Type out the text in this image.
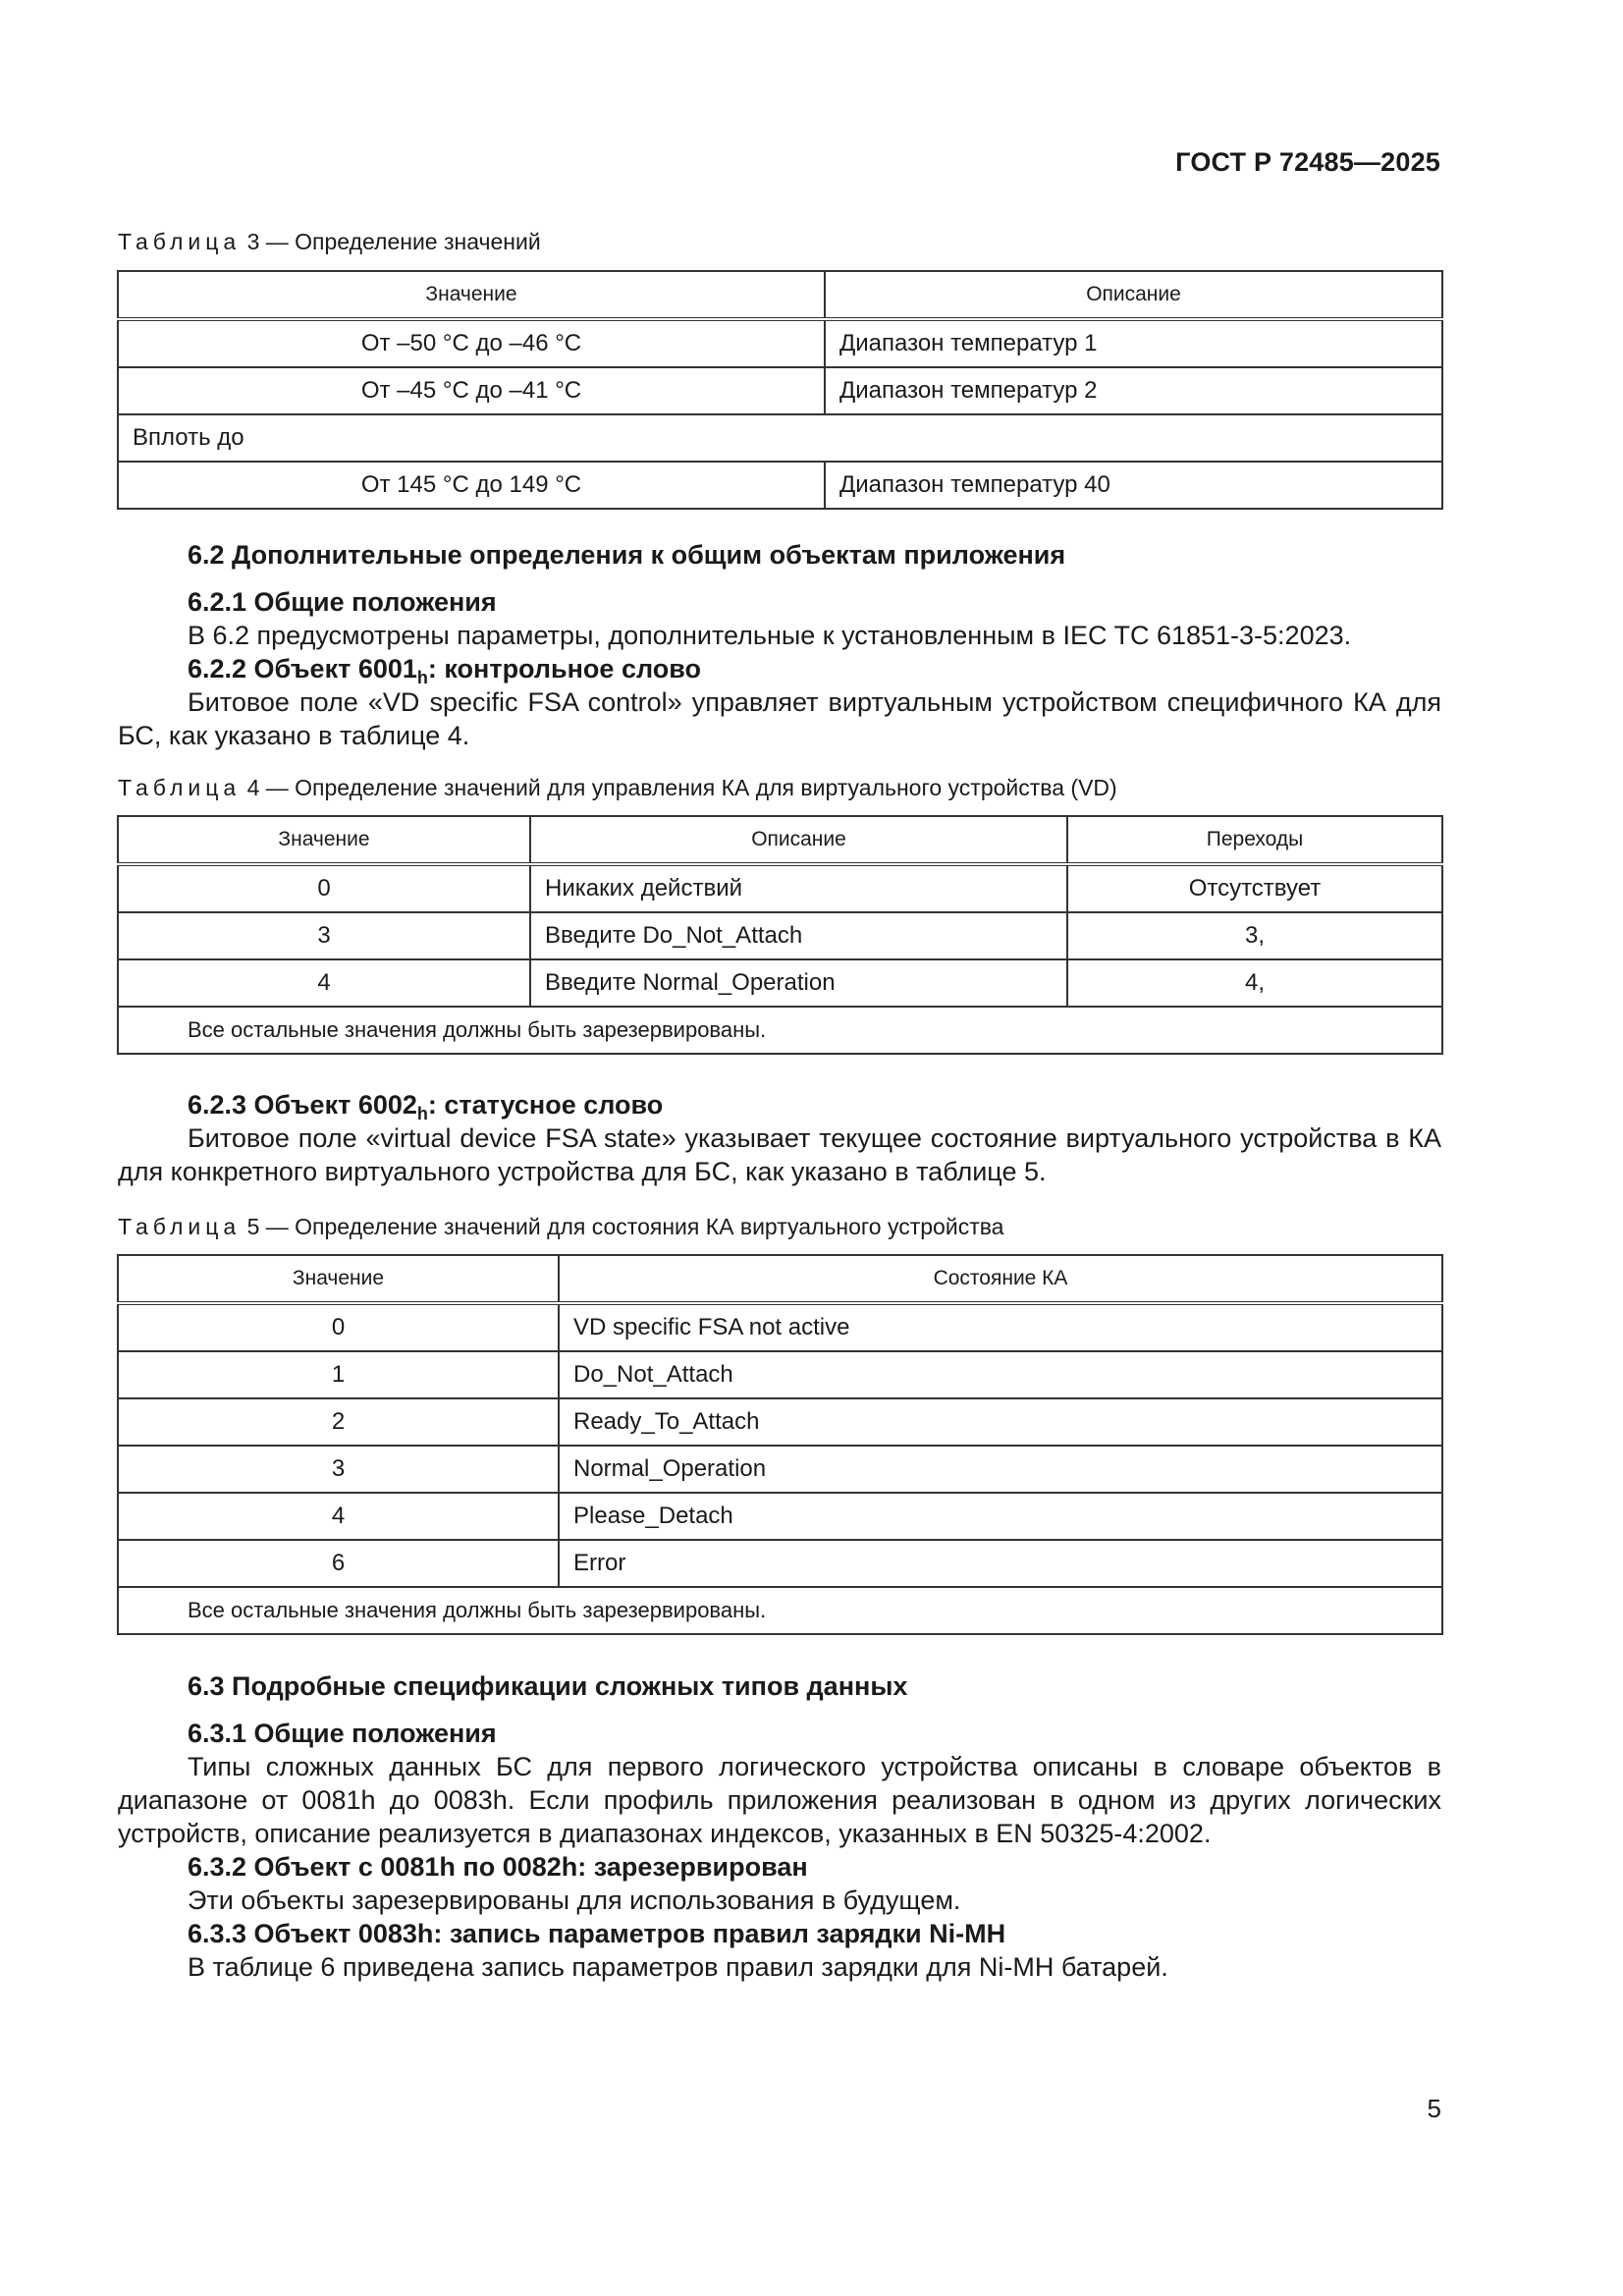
ГОСТ Р 72485—2025
Таблица 3 — Определение значений
Значение	Описание
От –50 °С до –46 °С	Диапазон температур 1
От –45 °С до –41 °С	Диапазон температур 2
Вплоть до	
От 145 °С до 149 °С	Диапазон температур 40
6.2 Дополнительные определения к общим объектам приложения
6.2.1 Общие положения
В 6.2 предусмотрены параметры, дополнительные к установленным в IEC TC 61851-3-5:2023.
6.2.2 Объект $6001_h$: контрольное слово
Битовое поле «VD specific FSA control» управляет виртуальным устройством специфичного КА для БС, как указано в таблице 4.
Таблица 4 — Определение значений для управления КА для виртуального устройства (VD)
Значение	Описание	Переходы
0	Никаких действий	Отсутствует
3	Введите Do_Not_Attach	3,
4	Введите Normal_Operation	4,
Все остальные значения должны быть зарезервированы.		
6.2.3 Объект $6002_h$: статусное слово
Битовое поле «virtual device FSA state» указывает текущее состояние виртуального устройства в КА для конкретного виртуального устройства для БС, как указано в таблице 5.
Таблица 5 — Определение значений для состояния КА виртуального устройства
Значение	Состояние КА
0	VD specific FSA not active
1	Do_Not_Attach
2	Ready_To_Attach
3	Normal_Operation
4	Please_Detach
6	Error
Все остальные значения должны быть зарезервированы.	
6.3 Подробные спецификации сложных типов данных
6.3.1 Общие положения
Типы сложных данных БС для первого логического устройства описаны в словаре объектов в диапазоне от 0081h до 0083h. Если профиль приложения реализован в одном из других логических устройств, описание реализуется в диапазонах индексов, указанных в EN 50325-4:2002.
6.3.2 Объект с 0081h по 0082h: зарезервирован
Эти объекты зарезервированы для использования в будущем.
6.3.3 Объект 0083h: запись параметров правил зарядки Ni-MH
В таблице 6 приведена запись параметров правил зарядки для Ni-MH батарей.
5
